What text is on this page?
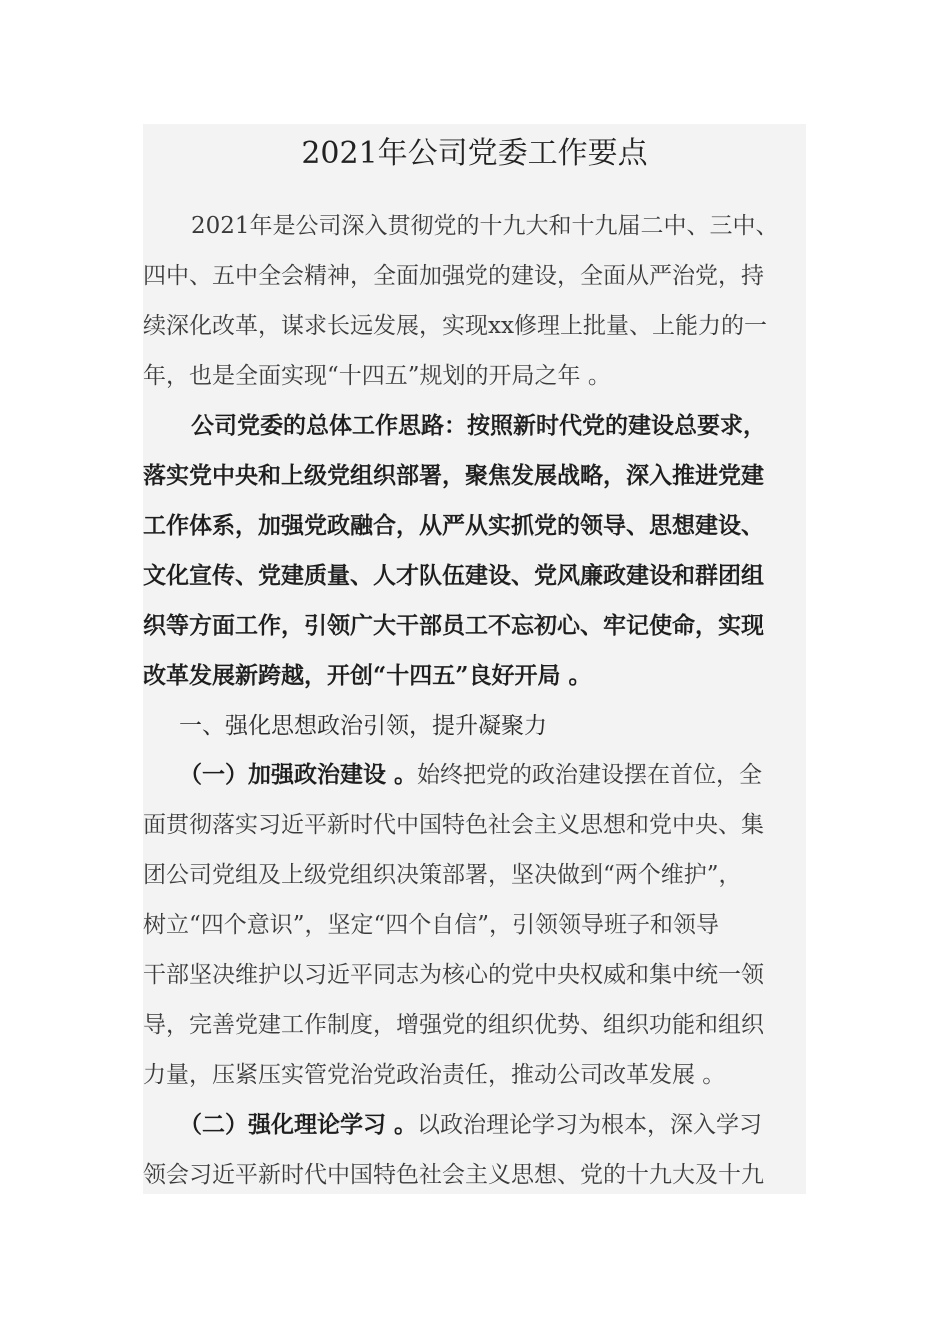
2021年公司党委工作要点
2021年是公司深入贯彻党的十九大和十九届二中、三中、
四中、五中全会精神，全面加强党的建设，全面从严治党，持
续深化改革，谋求长远发展，实现xx修理上批量、上能力的一
年，也是全面实现“十四五”规划的开局之年 。
公司党委的总体工作思路：按照新时代党的建设总要求，
落实党中央和上级党组织部署，聚焦发展战略，深入推进党建
工作体系，加强党政融合，从严从实抓党的领导、思想建设、
文化宣传、党建质量、人才队伍建设、党风廉政建设和群团组
织等方面工作，引领广大干部员工不忘初心、牢记使命，实现
改革发展新跨越，开创“十四五”良好开局 。
一、强化思想政治引领，提升凝聚力
（一）加强政治建设 。始终把党的政治建设摆在首位，全
面贯彻落实习近平新时代中国特色社会主义思想和党中央、集
团公司党组及上级党组织决策部署，坚决做到“两个维护”，
树立“四个意识”，坚定“四个自信”，引领领导班子和领导
干部坚决维护以习近平同志为核心的党中央权威和集中统一领
导，完善党建工作制度，增强党的组织优势、组织功能和组织
力量，压紧压实管党治党政治责任，推动公司改革发展 。
（二）强化理论学习 。以政治理论学习为根本，深入学习
领会习近平新时代中国特色社会主义思想、党的十九大及十九
